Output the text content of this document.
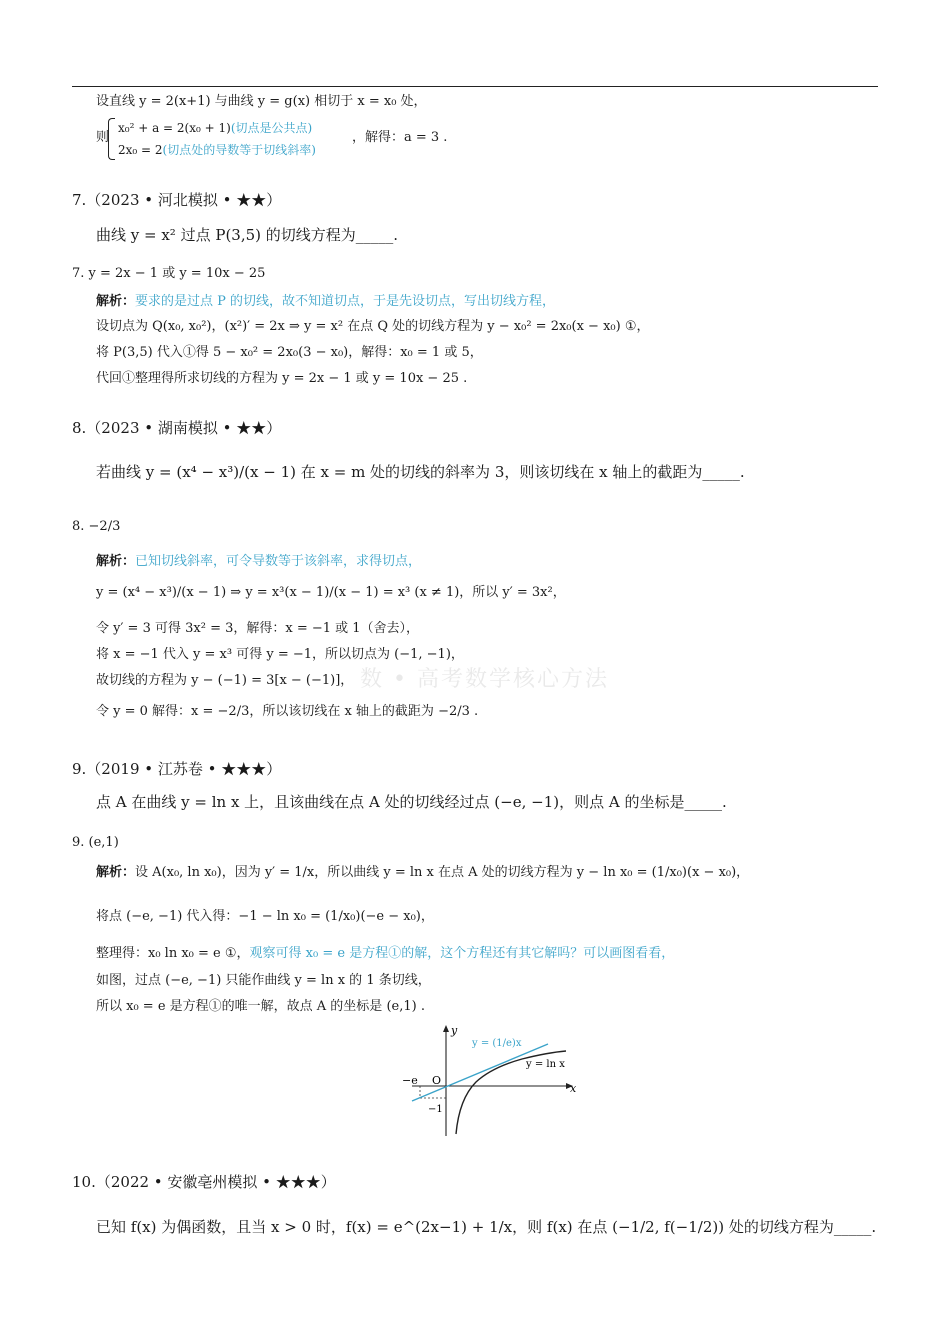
设直线 y = 2(x+1) 与曲线 y = g(x) 相切于 x = x₀ 处，
则
x₀² + a = 2(x₀ + 1)(切点是公共点)
2x₀ = 2(切点处的导数等于切线斜率)
，解得：a = 3 .
7.（2023 • 河北模拟 • ★★）
曲线 y = x² 过点 P(3,5) 的切线方程为_____.
7. y = 2x − 1 或 y = 10x − 25
解析：要求的是过点 P 的切线，故不知道切点，于是先设切点，写出切线方程，
设切点为 Q(x₀, x₀²)，(x²)′ = 2x ⇒ y = x² 在点 Q 处的切线方程为 y − x₀² = 2x₀(x − x₀) ①，
将 P(3,5) 代入①得 5 − x₀² = 2x₀(3 − x₀)，解得：x₀ = 1 或 5，
代回①整理得所求切线的方程为 y = 2x − 1 或 y = 10x − 25 .
8.（2023 • 湖南模拟 • ★★）
若曲线 y = (x⁴ − x³)/(x − 1) 在 x = m 处的切线的斜率为 3，则该切线在 x 轴上的截距为_____.
8. −2/3
解析：已知切线斜率，可令导数等于该斜率，求得切点，
y = (x⁴ − x³)/(x − 1) ⇒ y = x³(x − 1)/(x − 1) = x³ (x ≠ 1)，所以 y′ = 3x²，
令 y′ = 3 可得 3x² = 3，解得：x = −1 或 1（舍去），
将 x = −1 代入 y = x³ 可得 y = −1，所以切点为 (−1, −1)，
故切线的方程为 y − (−1) = 3[x − (−1)]， 数 • 高考数学核心方法
令 y = 0 解得：x = −2/3，所以该切线在 x 轴上的截距为 −2/3 .
9.（2019 • 江苏卷 • ★★★）
点 A 在曲线 y = ln x 上，且该曲线在点 A 处的切线经过点 (−e, −1)，则点 A 的坐标是_____.
9. (e,1)
解析：设 A(x₀, ln x₀)，因为 y′ = 1/x，所以曲线 y = ln x 在点 A 处的切线方程为 y − ln x₀ = (1/x₀)(x − x₀)，
将点 (−e, −1) 代入得：−1 − ln x₀ = (1/x₀)(−e − x₀)，
整理得：x₀ ln x₀ = e ①，观察可得 x₀ = e 是方程①的解，这个方程还有其它解吗？可以画图看看，
如图，过点 (−e, −1) 只能作曲线 y = ln x 的 1 条切线，
所以 x₀ = e 是方程①的唯一解，故点 A 的坐标是 (e,1) .
y
x
O
−e
−1
y = (1/e)x
y = ln x
10.（2022 • 安徽亳州模拟 • ★★★）
已知 f(x) 为偶函数，且当 x > 0 时，f(x) = e^(2x−1) + 1/x，则 f(x) 在点 (−1/2, f(−1/2)) 处的切线方程为_____.
